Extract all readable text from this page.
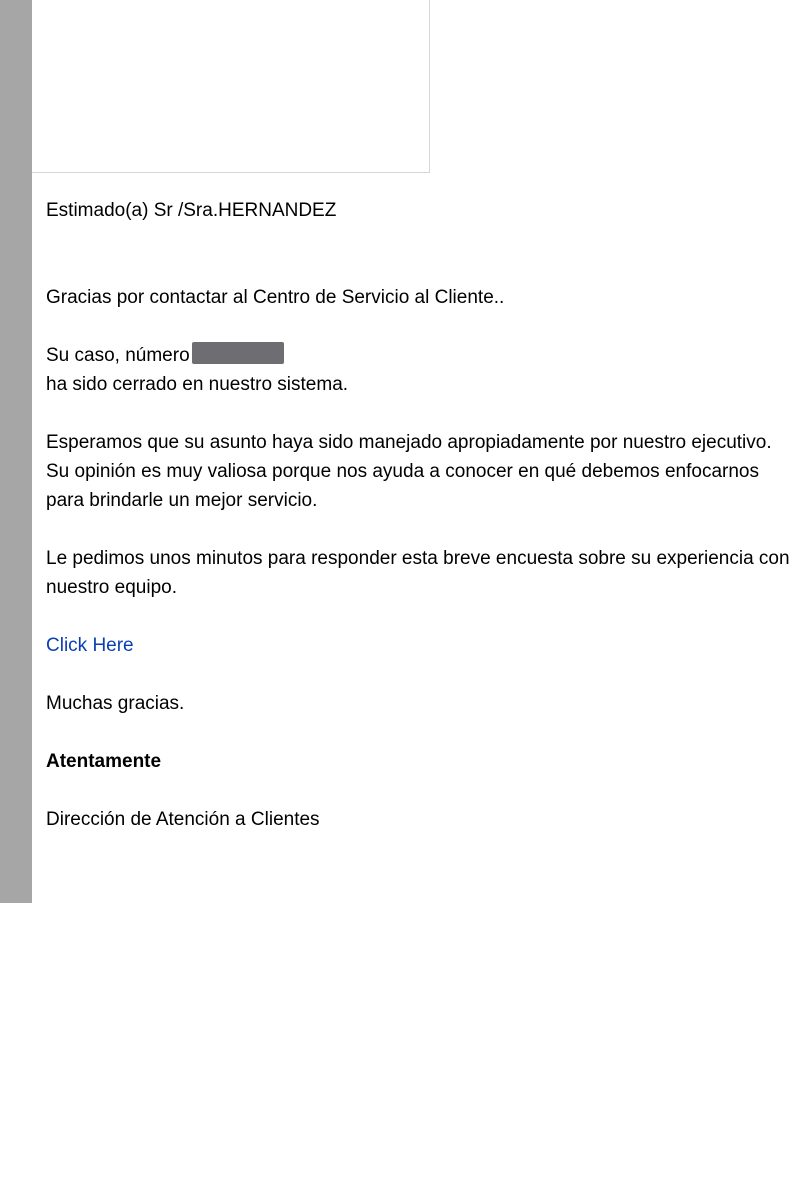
Estimado(a) Sr /Sra.HERNANDEZ

Gracias por contactar al Centro de Servicio al Cliente..

Su caso, número
ha sido cerrado en nuestro sistema.

Esperamos que su asunto haya sido manejado apropiadamente por nuestro ejecutivo. Su opinión es muy valiosa porque nos ayuda a conocer en qué debemos enfocarnos para brindarle un mejor servicio.

Le pedimos unos minutos para responder esta breve encuesta sobre su experiencia con nuestro equipo.

Click Here

Muchas gracias.

Atentamente

Dirección de Atención a Clientes
